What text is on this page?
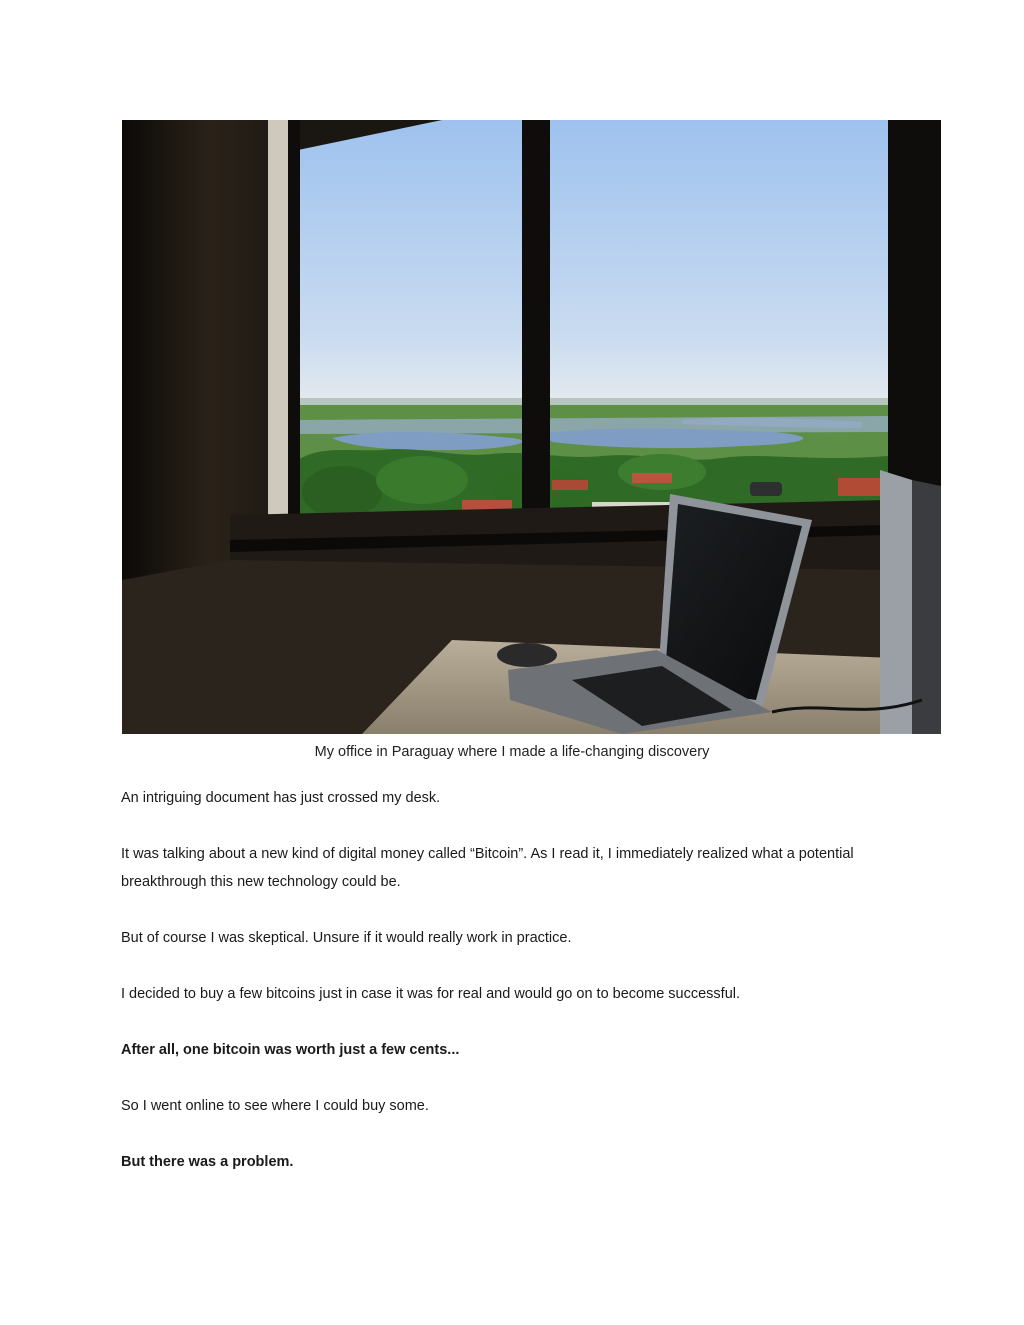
My office in Paraguay where I made a life-changing discovery

An intriguing document has just crossed my desk.

It was talking about a new kind of digital money called “Bitcoin”. As I read it, I immediately realized what a potential breakthrough this new technology could be.

But of course I was skeptical. Unsure if it would really work in practice.

I decided to buy a few bitcoins just in case it was for real and would go on to become successful.

After all, one bitcoin was worth just a few cents...

So I went online to see where I could buy some.

But there was a problem.
